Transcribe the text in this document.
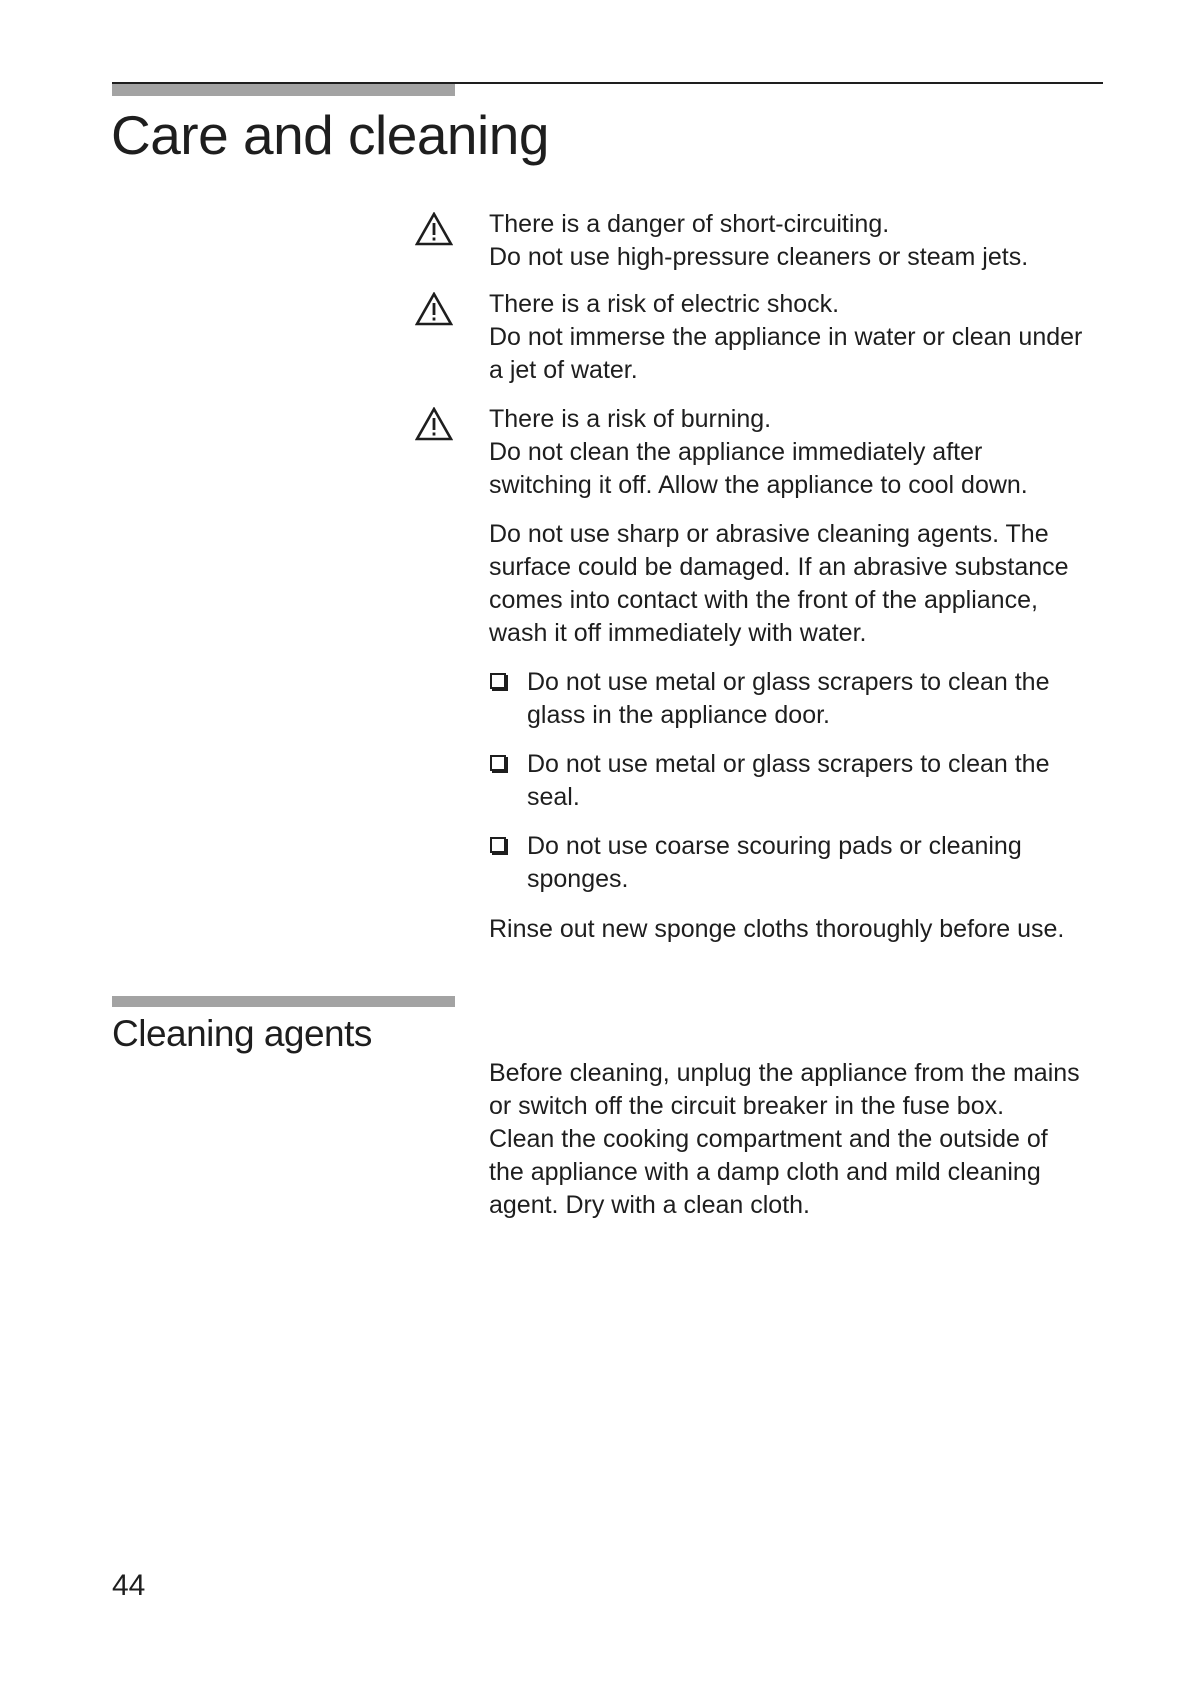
Care and cleaning

There is a danger of short-circuiting.

Do not use high-pressure cleaners or steam jets.

There is a risk of electric shock.

Do not immerse the appliance in water or clean under

a jet of water.

There is a risk of burning.

Do not clean the appliance immediately after

switching it off. Allow the appliance to cool down.

Do not use sharp or abrasive cleaning agents. The

surface could be damaged. If an abrasive substance

comes into contact with the front of the appliance,

wash it off immediately with water.

Do not use metal or glass scrapers to clean the

glass in the appliance door.

Do not use metal or glass scrapers to clean the

seal.

Do not use coarse scouring pads or cleaning

sponges.

Rinse out new sponge cloths thoroughly before use.

Cleaning agents

Before cleaning, unplug the appliance from the mains

or switch off the circuit breaker in the fuse box.

Clean the cooking compartment and the outside of

the appliance with a damp cloth and mild cleaning

agent. Dry with a clean cloth.

44
